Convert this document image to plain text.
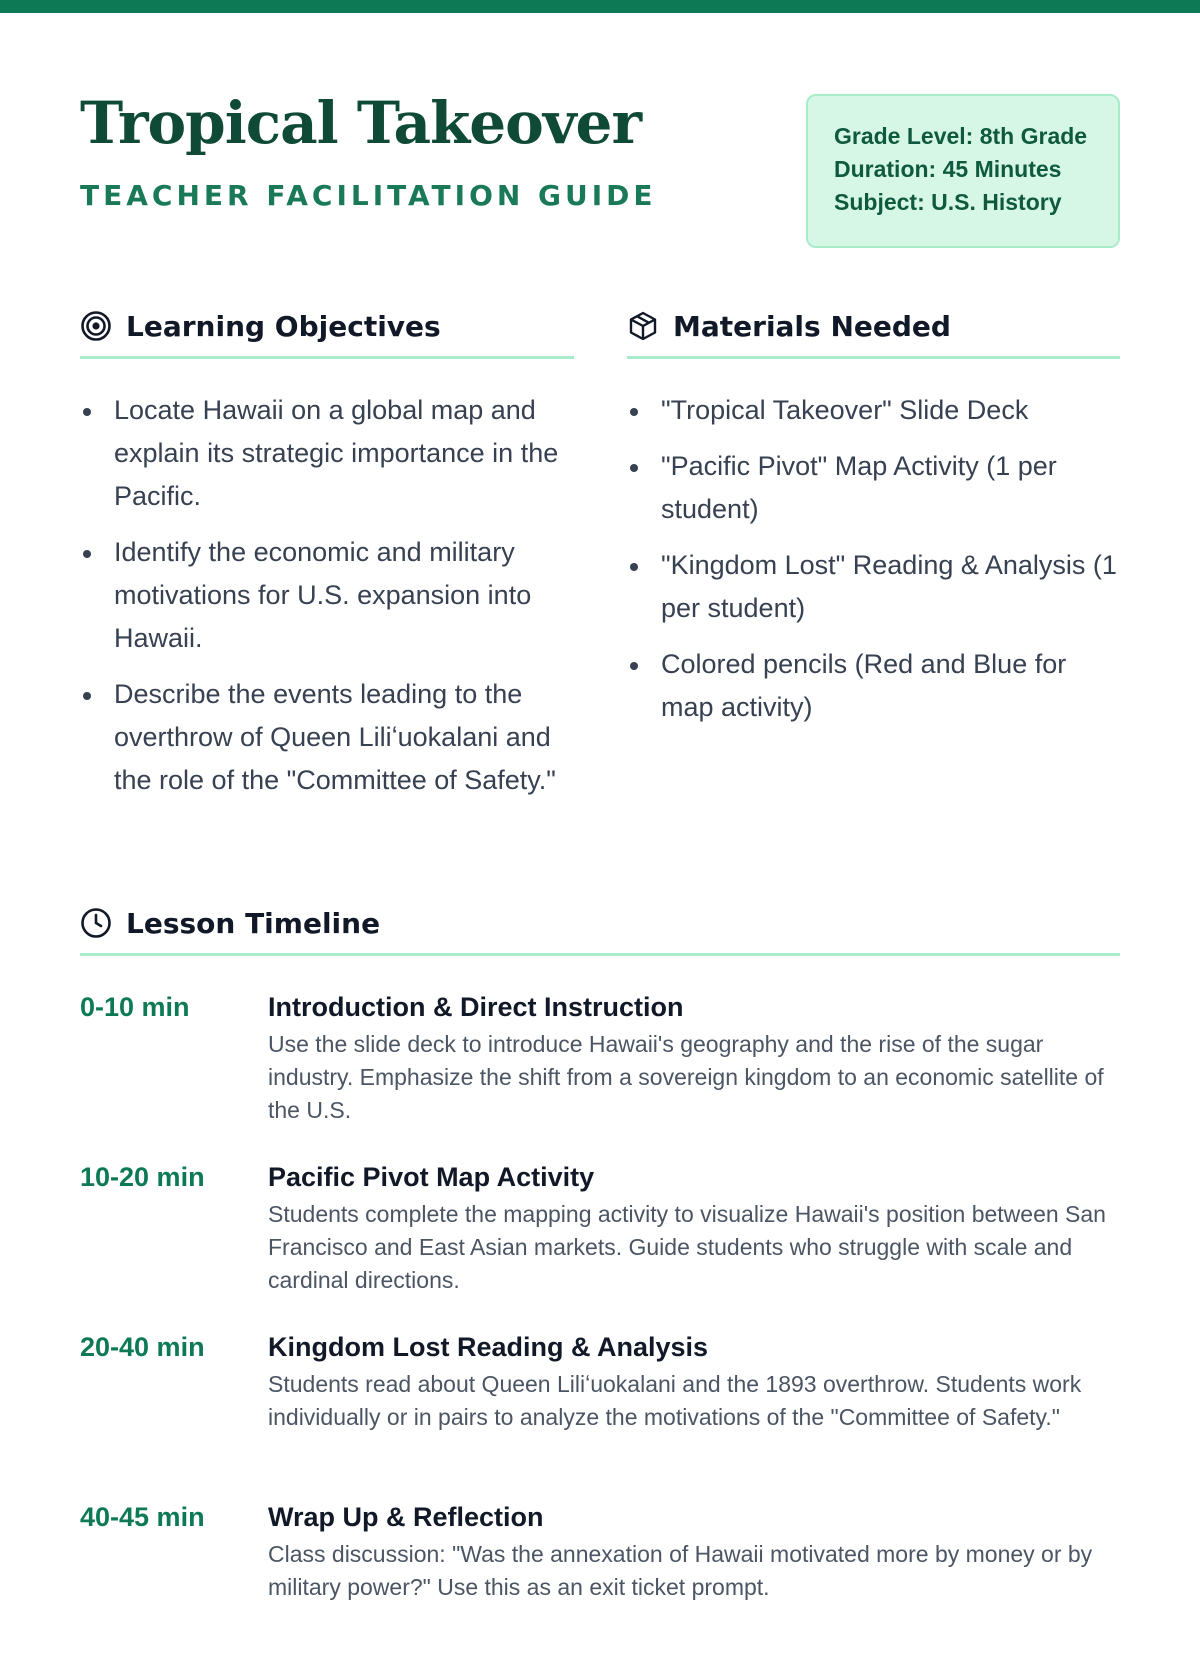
Tropical Takeover
TEACHER FACILITATION GUIDE
Grade Level: 8th Grade
Duration: 45 Minutes
Subject: U.S. History
Learning Objectives
Locate Hawaii on a global map and explain its strategic importance in the Pacific.
Identify the economic and military motivations for U.S. expansion into Hawaii.
Describe the events leading to the overthrow of Queen Liliʻuokalani and the role of the "Committee of Safety."
Materials Needed
"Tropical Takeover" Slide Deck
"Pacific Pivot" Map Activity (1 per student)
"Kingdom Lost" Reading & Analysis (1 per student)
Colored pencils (Red and Blue for map activity)
Lesson Timeline
0-10 min	Introduction & Direct Instruction
Use the slide deck to introduce Hawaii's geography and the rise of the sugar industry. Emphasize the shift from a sovereign kingdom to an economic satellite of the U.S.
10-20 min Pacific Pivot Map Activity
Students complete the mapping activity to visualize Hawaii's position between San Francisco and East Asian markets. Guide students who struggle with scale and cardinal directions.
20-40 min Kingdom Lost Reading & Analysis
Students read about Queen Liliʻuokalani and the 1893 overthrow. Students work individually or in pairs to analyze the motivations of the "Committee of Safety."
40-45 min Wrap Up & Reflection
Class discussion: "Was the annexation of Hawaii motivated more by money or by military power?" Use this as an exit ticket prompt.
